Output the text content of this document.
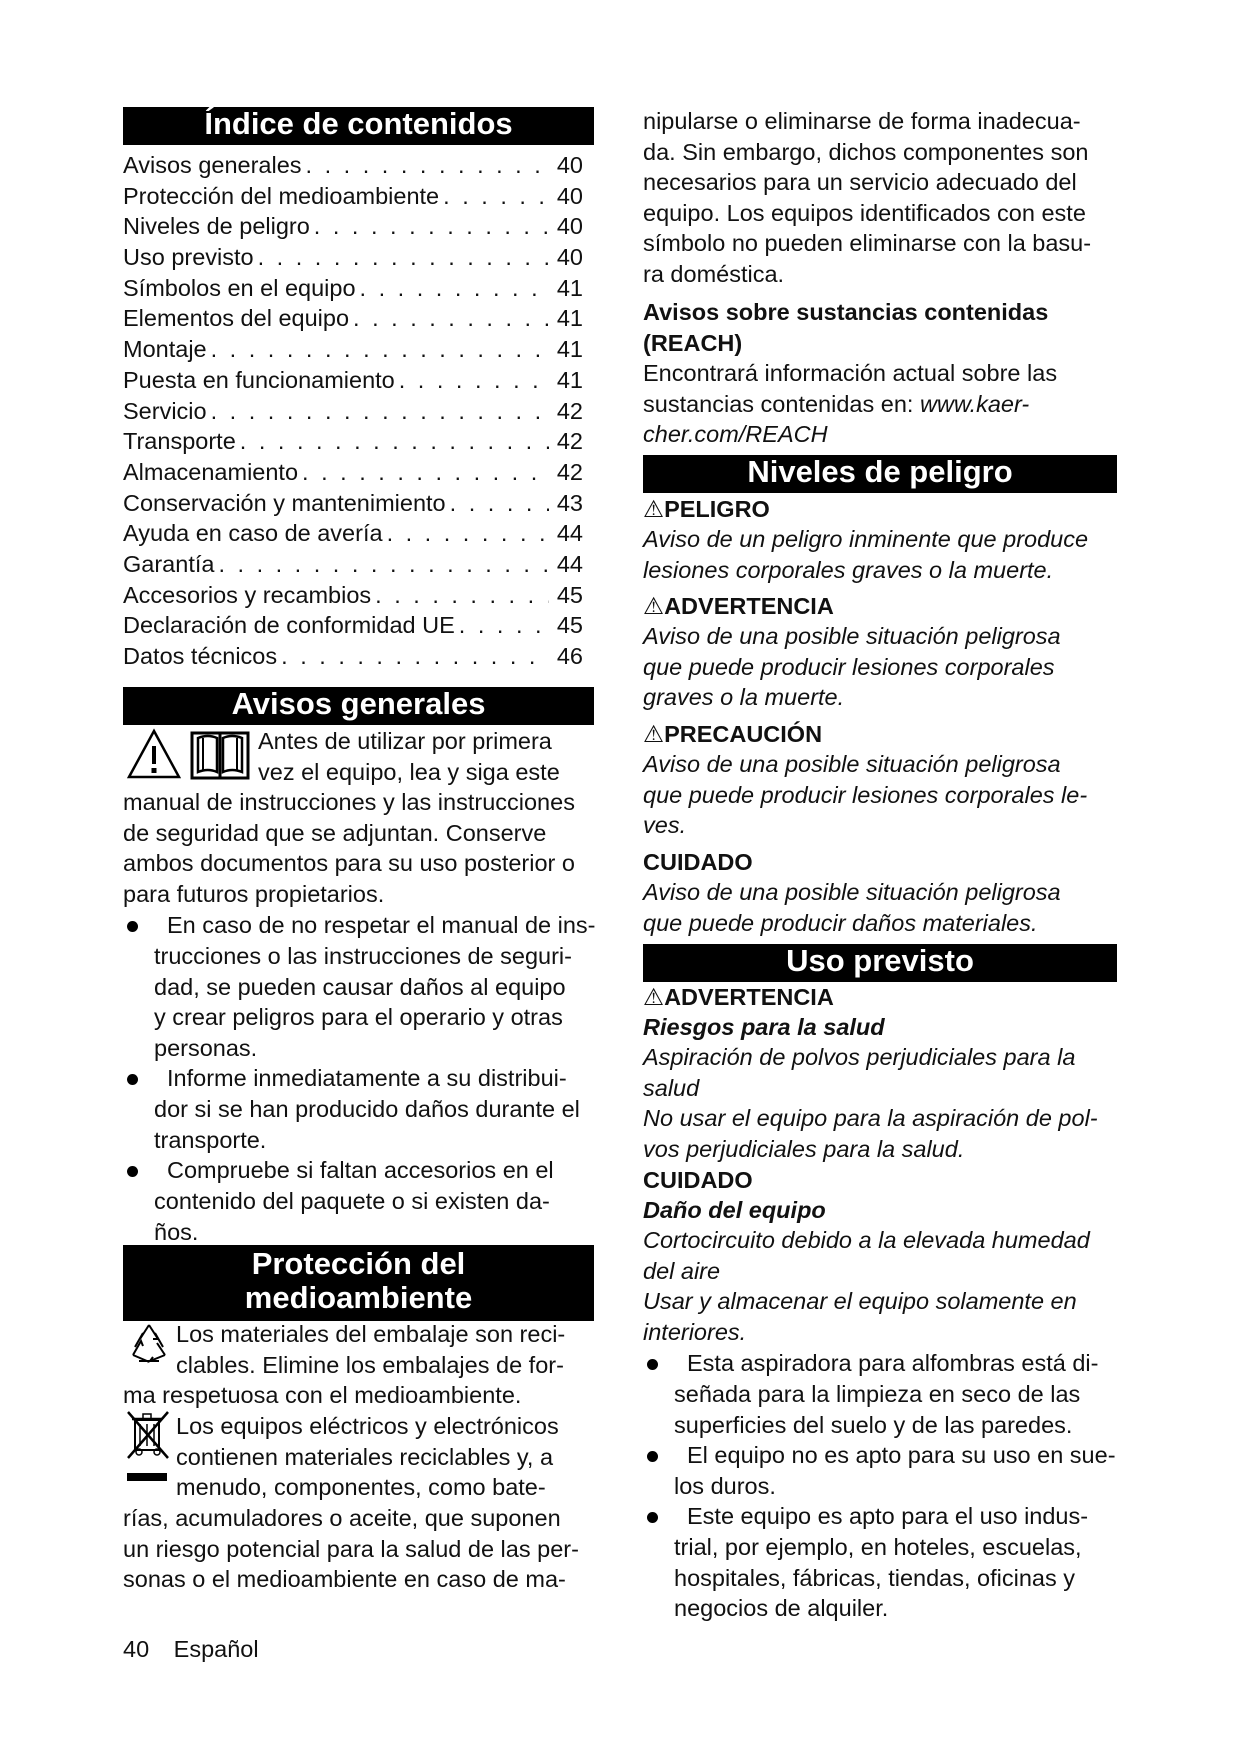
Índice de contenidos
Avisos generales . . .	40
Protección del medioambiente . . .	40
Niveles de peligro . . .	40
Uso previsto . . .	40
Símbolos en el equipo . . .	41
Elementos del equipo . . .	41
Montaje . . .	41
Puesta en funcionamiento . . .	41
Servicio . . .	42
Transporte . . .	42
Almacenamiento . . .	42
Conservación y mantenimiento . . .	43
Ayuda en caso de avería . . .	44
Garantía . . .	44
Accesorios y recambios . . .	45
Declaración de conformidad UE . . .	45
Datos técnicos . . .	46
Avisos generales
Antes de utilizar por primera
vez el equipo, lea y siga este
manual de instrucciones y las instrucciones
de seguridad que se adjuntan. Conserve
ambos documentos para su uso posterior o
para futuros propietarios.
En caso de no respetar el manual de ins-
trucciones o las instrucciones de seguri-
dad, se pueden causar daños al equipo
y crear peligros para el operario y otras
personas.
Informe inmediatamente a su distribui-
dor si se han producido daños durante el
transporte.
Compruebe si faltan accesorios en el
contenido del paquete o si existen da-
ños.
Protección del
medioambiente
Los materiales del embalaje son reci-
clables. Elimine los embalajes de for-
ma respetuosa con el medioambiente.
Los equipos eléctricos y electrónicos
contienen materiales reciclables y, a
menudo, componentes, como bate-
rías, acumuladores o aceite, que suponen
un riesgo potencial para la salud de las per-
sonas o el medioambiente en caso de ma-
nipularse o eliminarse de forma inadecua-
da. Sin embargo, dichos componentes son
necesarios para un servicio adecuado del
equipo. Los equipos identificados con este
símbolo no pueden eliminarse con la basu-
ra doméstica.
Avisos sobre sustancias contenidas
(REACH)
Encontrará información actual sobre las
sustancias contenidas en: www.kaer-
cher.com/REACH
Niveles de peligro
⚠PELIGRO
Aviso de un peligro inminente que produce
lesiones corporales graves o la muerte.
⚠ADVERTENCIA
Aviso de una posible situación peligrosa
que puede producir lesiones corporales
graves o la muerte.
⚠PRECAUCIÓN
Aviso de una posible situación peligrosa
que puede producir lesiones corporales le-
ves.
CUIDADO
Aviso de una posible situación peligrosa
que puede producir daños materiales.
Uso previsto
⚠ADVERTENCIA
Riesgos para la salud
Aspiración de polvos perjudiciales para la
salud
No usar el equipo para la aspiración de pol-
vos perjudiciales para la salud.
CUIDADO
Daño del equipo
Cortocircuito debido a la elevada humedad
del aire
Usar y almacenar el equipo solamente en
interiores.
Esta aspiradora para alfombras está di-
señada para la limpieza en seco de las
superficies del suelo y de las paredes.
El equipo no es apto para su uso en sue-
los duros.
Este equipo es apto para el uso indus-
trial, por ejemplo, en hoteles, escuelas,
hospitales, fábricas, tiendas, oficinas y
negocios de alquiler.
40 Español
